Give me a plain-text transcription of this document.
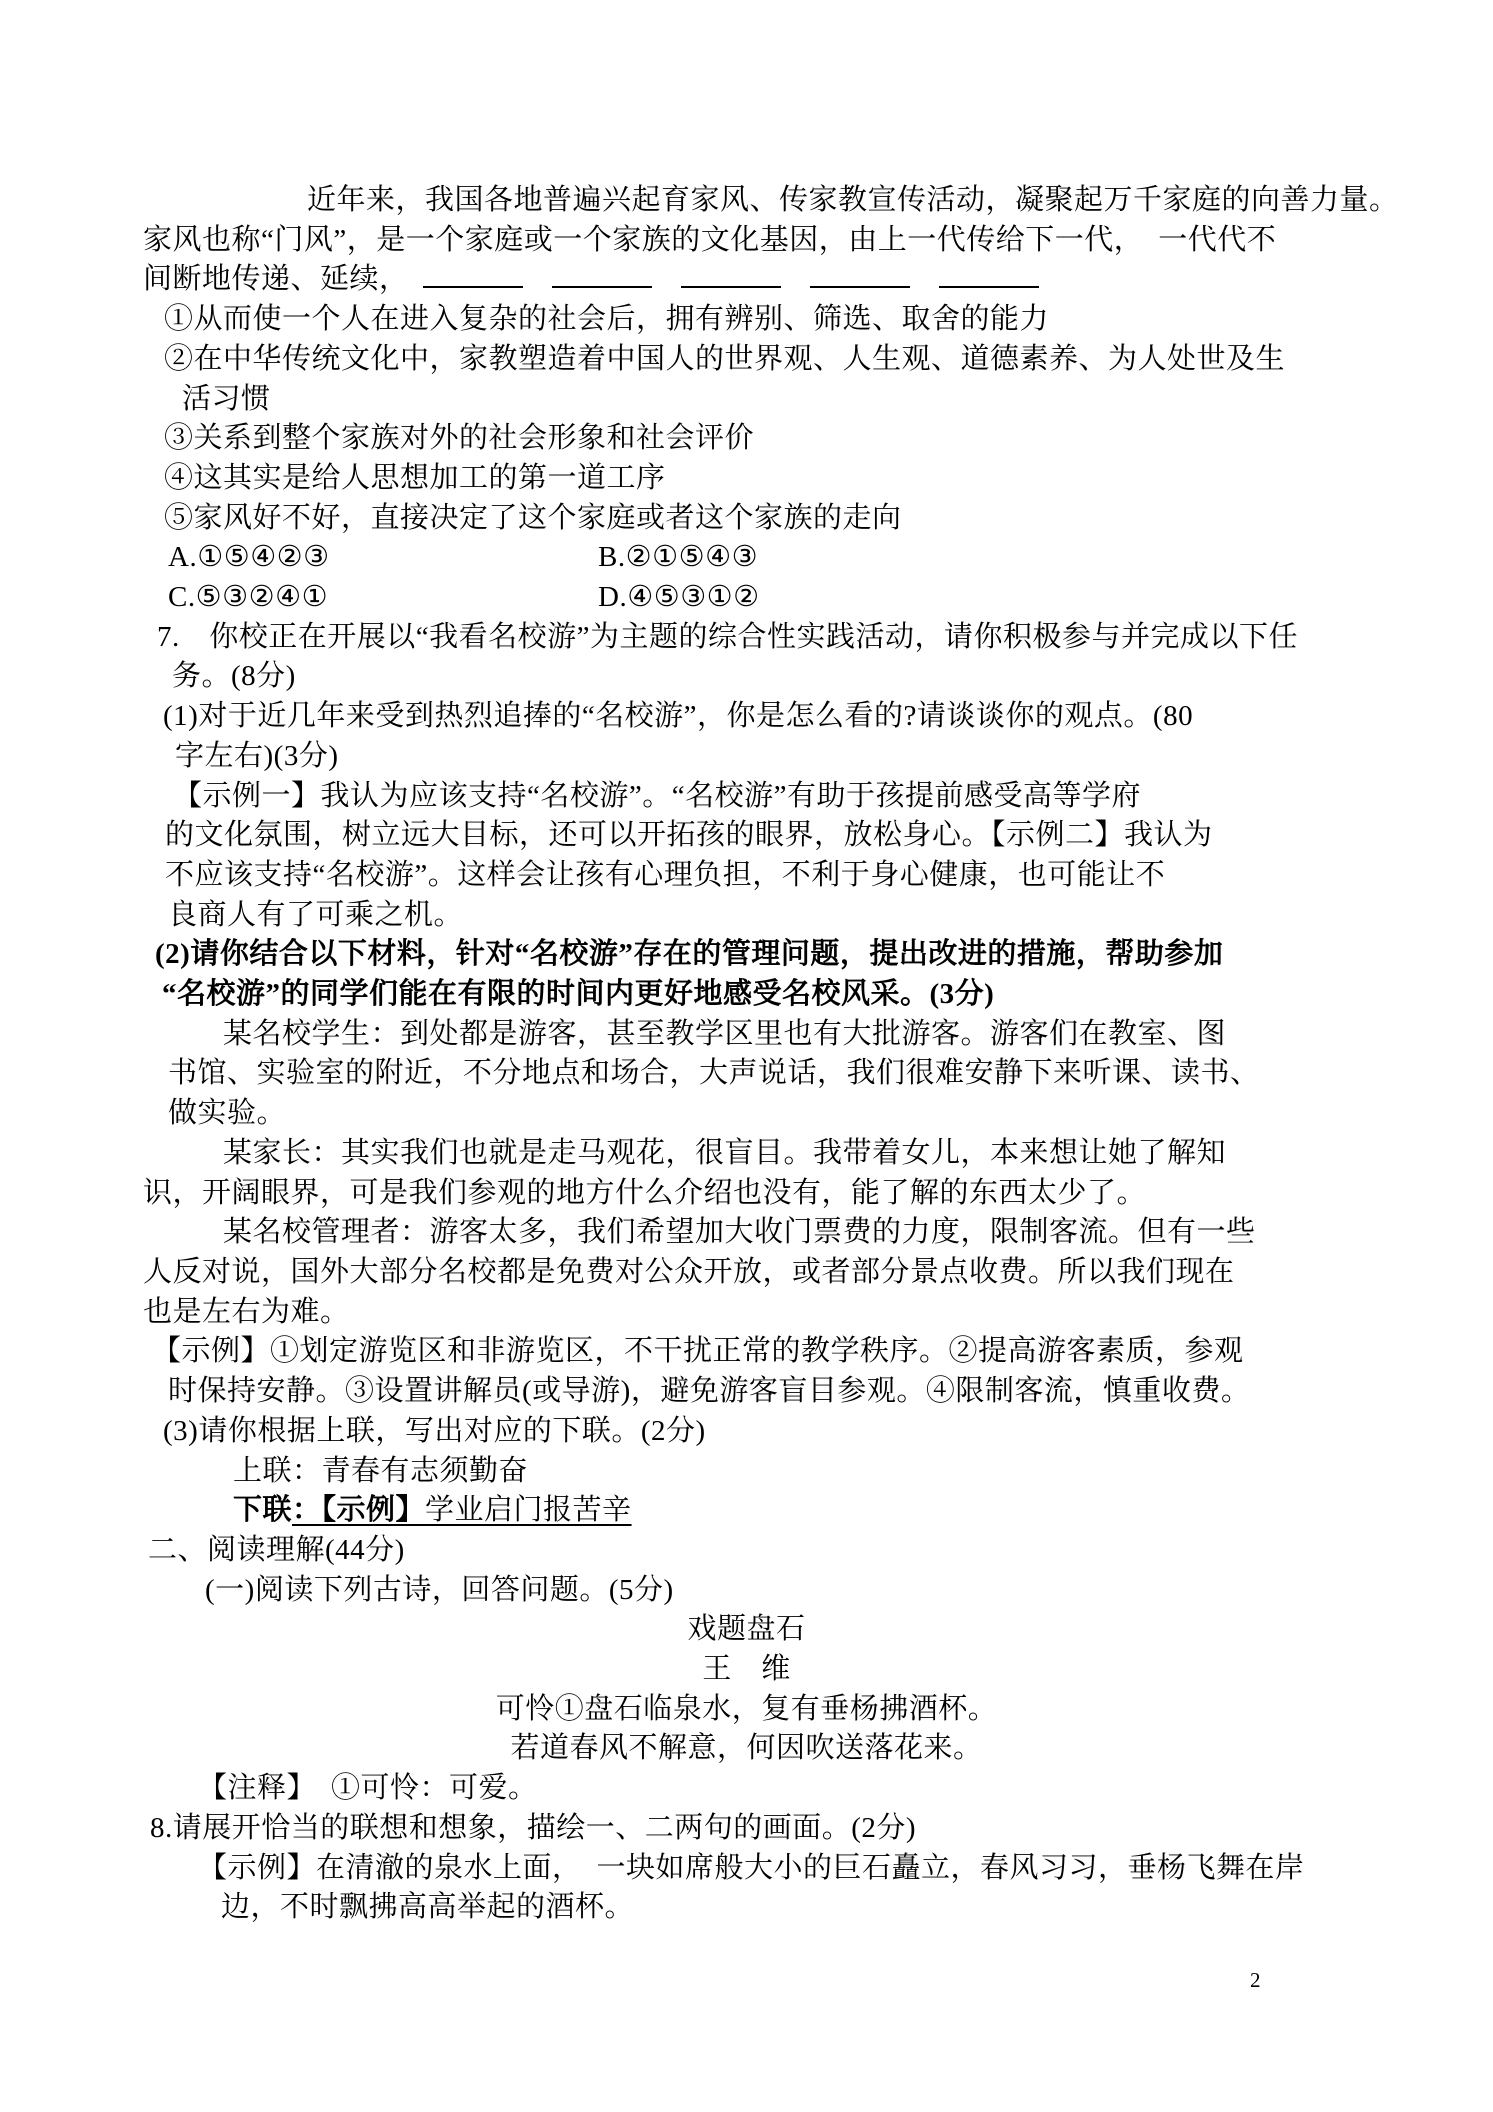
近年来，我国各地普遍兴起育家风、传家教宣传活动，凝聚起万千家庭的向善力量。
家风也称“门风”，是一个家庭或一个家族的文化基因，由上一代传给下一代，　一代代不
间断地传递、延续，
①从而使一个人在进入复杂的社会后，拥有辨别、筛选、取舍的能力
②在中华传统文化中，家教塑造着中国人的世界观、人生观、道德素养、为人处世及生
活习惯
③关系到整个家族对外的社会形象和社会评价
④这其实是给人思想加工的第一道工序
⑤家风好不好，直接决定了这个家庭或者这个家族的走向
A.①⑤④②③	B.②①⑤④③
C.⑤③②④①	D.④⑤③①②
7.　你校正在开展以“我看名校游”为主题的综合性实践活动，请你积极参与并完成以下任
务。(8分)
(1)对于近几年来受到热烈追捧的“名校游”，你是怎么看的?请谈谈你的观点。(80
字左右)(3分)
【示例一】我认为应该支持“名校游”。“名校游”有助于孩提前感受高等学府
的文化氛围，树立远大目标，还可以开拓孩的眼界，放松身心。【示例二】我认为
不应该支持“名校游”。这样会让孩有心理负担，不利于身心健康，也可能让不
良商人有了可乘之机。
(2)请你结合以下材料，针对“名校游”存在的管理问题，提出改进的措施，帮助参加
“名校游”的同学们能在有限的时间内更好地感受名校风采。(3分)
某名校学生：到处都是游客，甚至教学区里也有大批游客。游客们在教室、图
书馆、实验室的附近，不分地点和场合，大声说话，我们很难安静下来听课、读书、
做实验。
某家长：其实我们也就是走马观花，很盲目。我带着女儿，本来想让她了解知
识，开阔眼界，可是我们参观的地方什么介绍也没有，能了解的东西太少了。
某名校管理者：游客太多，我们希望加大收门票费的力度，限制客流。但有一些
人反对说，国外大部分名校都是免费对公众开放，或者部分景点收费。所以我们现在
也是左右为难。
【示例】①划定游览区和非游览区，不干扰正常的教学秩序。②提高游客素质，参观
时保持安静。③设置讲解员(或导游)，避免游客盲目参观。④限制客流，慎重收费。
(3)请你根据上联，写出对应的下联。(2分)
上联：青春有志须勤奋
下联：【示例】学业启门报苦辛
二、阅读理解(44分)
(一)阅读下列古诗，回答问题。(5分)
戏题盘石
王　维
可怜①盘石临泉水，复有垂杨拂酒杯。
若道春风不解意，何因吹送落花来。
【注释】　①可怜：可爱。
8.请展开恰当的联想和想象，描绘一、二两句的画面。(2分)
【示例】在清澈的泉水上面，　一块如席般大小的巨石矗立，春风习习，垂杨飞舞在岸
边，不时飘拂高高举起的酒杯。
2
